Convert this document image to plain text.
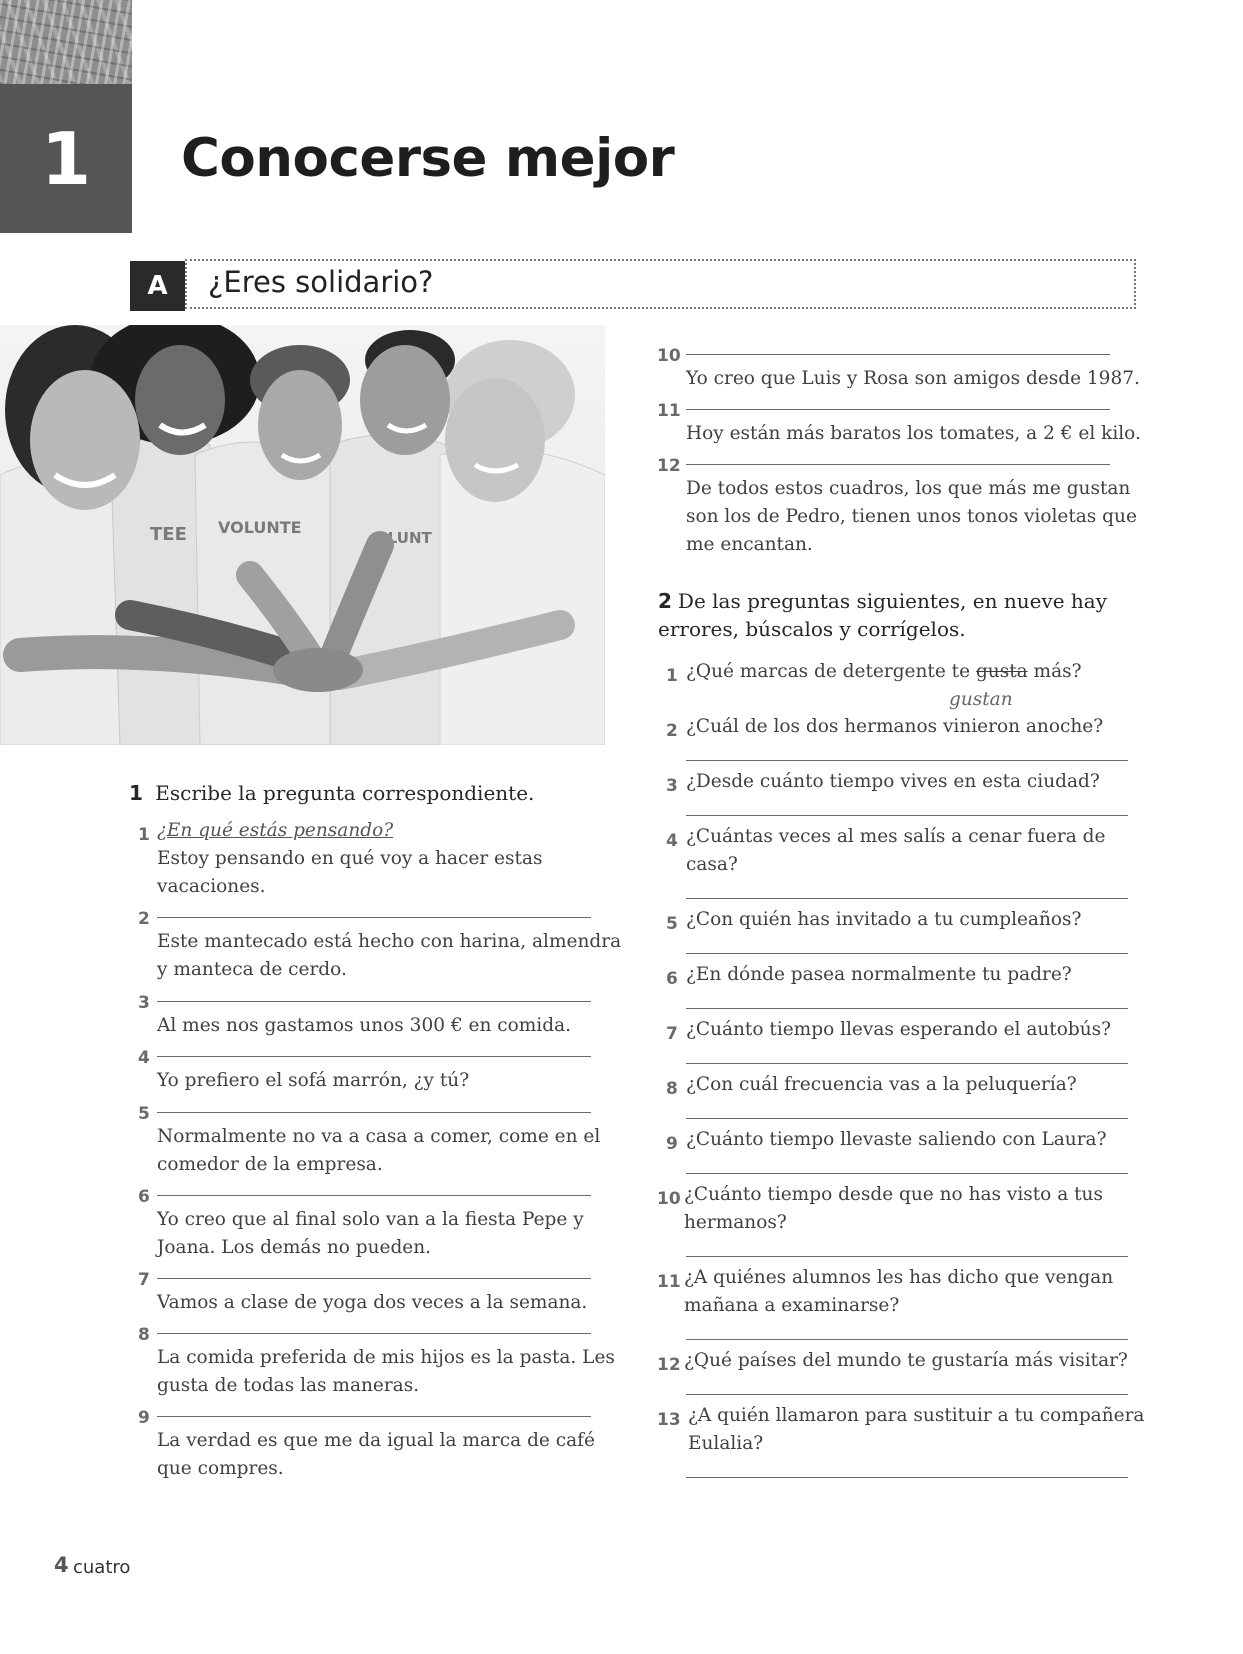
1	Conocerse mejor
A	¿Eres solidario?
TEE VOLUNTE
OLUNT
1 Escribe la pregunta correspondiente.
1 ¿En qué estás pensando?
Estoy pensando en qué voy a hacer estas
vacaciones.
2
Este mantecado está hecho con harina, almendra
y manteca de cerdo.
3
Al mes nos gastamos unos 300 € en comida.
4
Yo prefiero el sofá marrón, ¿y tú?
5
Normalmente no va a casa a comer, come en el
comedor de la empresa.
6
Yo creo que al final solo van a la fiesta Pepe y
Joana. Los demás no pueden.
7
Vamos a clase de yoga dos veces a la semana.
8
La comida preferida de mis hijos es la pasta. Les
gusta de todas las maneras.
9
La verdad es que me da igual la marca de café
que compres.
10
Yo creo que Luis y Rosa son amigos desde 1987.
11
Hoy están más baratos los tomates, a 2 € el kilo.
12
De todos estos cuadros, los que más me gustan
son los de Pedro, tienen unos tonos violetas que
me encantan.
2 De las preguntas siguientes, en nueve hay
errores, búscalos y corrígelos.
1 ¿Qué marcas de detergente te gusta más?
gustan
2 ¿Cuál de los dos hermanos vinieron anoche?
3 ¿Desde cuánto tiempo vives en esta ciudad?
4 ¿Cuántas veces al mes salís a cenar fuera de
casa?
5 ¿Con quién has invitado a tu cumpleaños?
6 ¿En dónde pasea normalmente tu padre?
7 ¿Cuánto tiempo llevas esperando el autobús?
8 ¿Con cuál frecuencia vas a la peluquería?
9 ¿Cuánto tiempo llevaste saliendo con Laura?
10 ¿Cuánto tiempo desde que no has visto a tus
hermanos?
11 ¿A quiénes alumnos les has dicho que vengan
mañana a examinarse?
12 ¿Qué países del mundo te gustaría más visitar?
13 ¿A quién llamaron para sustituir a tu compañera
Eulalia?
4 cuatro
